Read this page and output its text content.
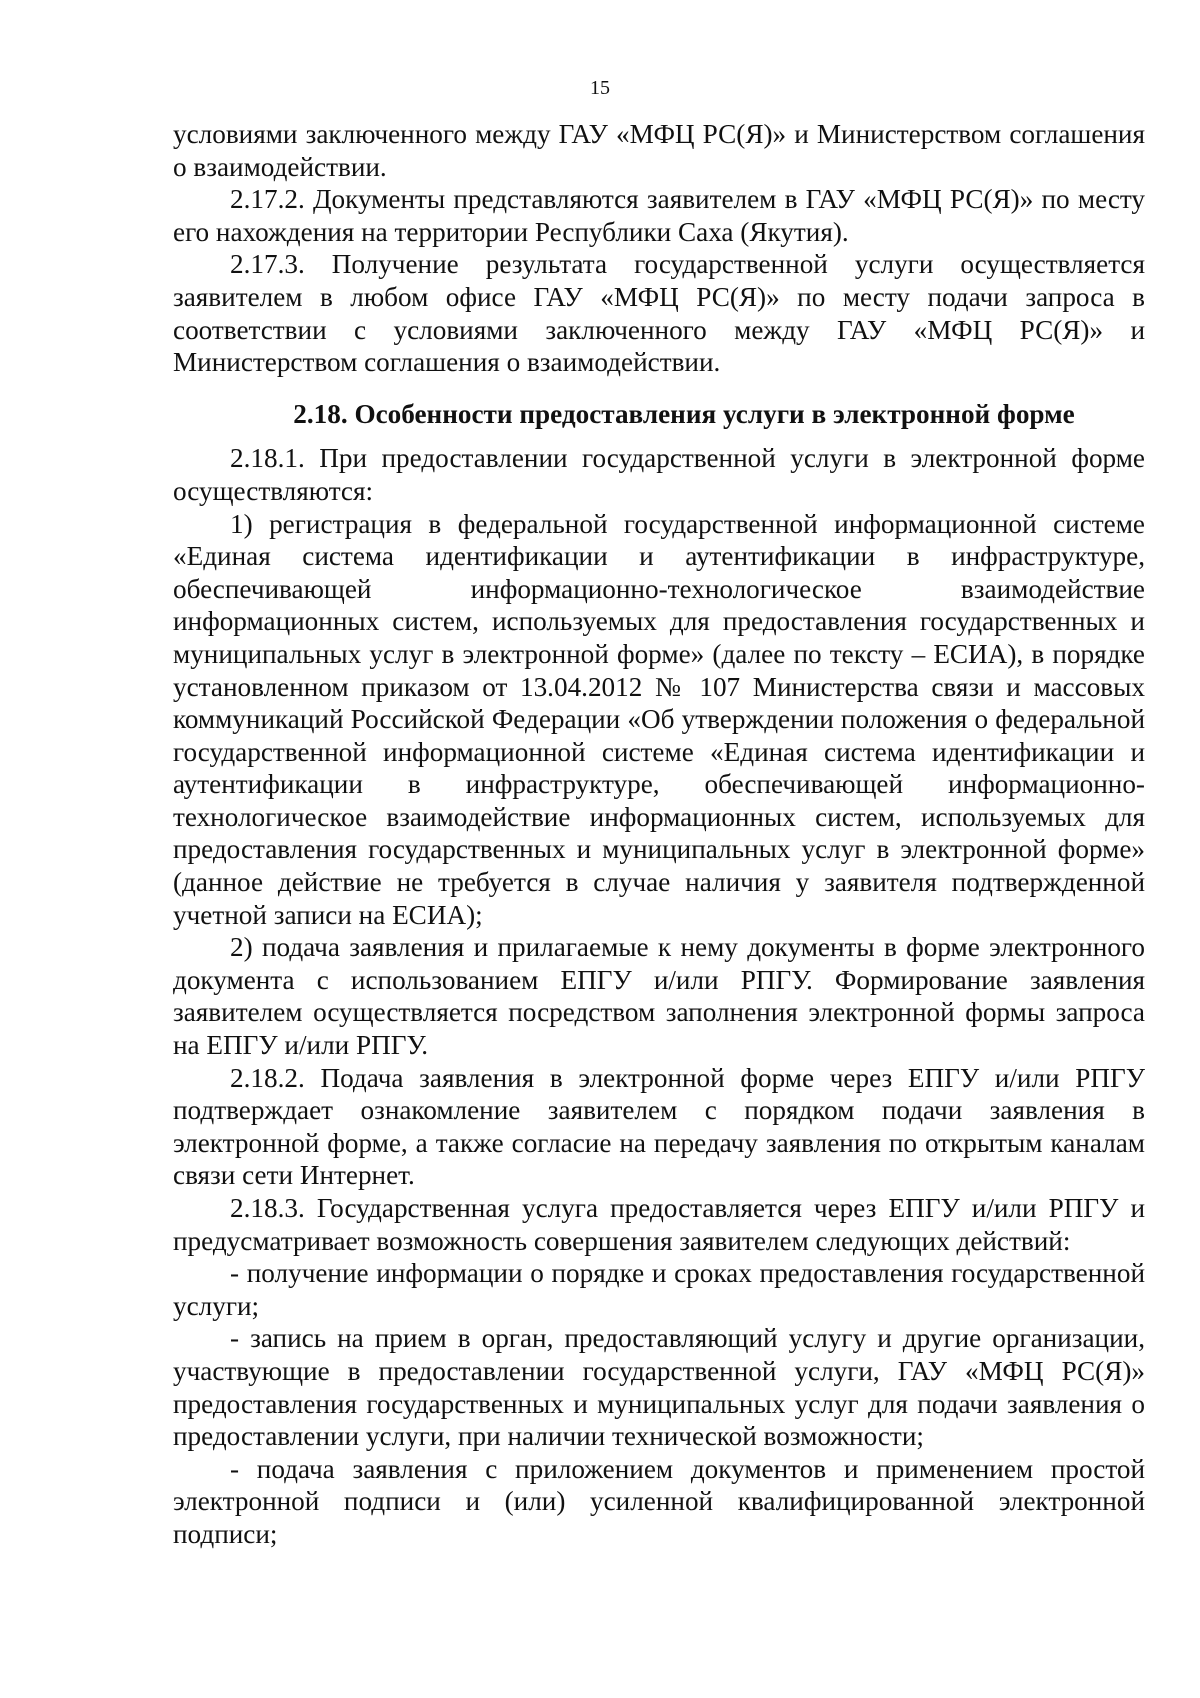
15

условиями заключенного между ГАУ «МФЦ РС(Я)» и Министерством соглашения о взаимодействии.

2.17.2. Документы представляются заявителем в ГАУ «МФЦ РС(Я)» по месту его нахождения на территории Республики Саха (Якутия).

2.17.3. Получение результата государственной услуги осуществляется заявителем в любом офисе ГАУ «МФЦ РС(Я)» по месту подачи запроса в соответствии с условиями заключенного между ГАУ «МФЦ РС(Я)» и Министерством соглашения о взаимодействии.

2.18. Особенности предоставления услуги в электронной форме

2.18.1. При предоставлении государственной услуги в электронной форме осуществляются:

1) регистрация в федеральной государственной информационной системе «Единая система идентификации и аутентификации в инфраструктуре, обеспечивающей информационно-технологическое взаимодействие информационных систем, используемых для предоставления государственных и муниципальных услуг в электронной форме» (далее по тексту – ЕСИА), в порядке установленном приказом от 13.04.2012 № 107 Министерства связи и массовых коммуникаций Российской Федерации «Об утверждении положения о федеральной государственной информационной системе «Единая система идентификации и аутентификации в инфраструктуре, обеспечивающей информационно-технологическое взаимодействие информационных систем, используемых для предоставления государственных и муниципальных услуг в электронной форме» (данное действие не требуется в случае наличия у заявителя подтвержденной учетной записи на ЕСИА);

2) подача заявления и прилагаемые к нему документы в форме электронного документа с использованием ЕПГУ и/или РПГУ. Формирование заявления заявителем осуществляется посредством заполнения электронной формы запроса на ЕПГУ и/или РПГУ.

2.18.2. Подача заявления в электронной форме через ЕПГУ и/или РПГУ подтверждает ознакомление заявителем с порядком подачи заявления в электронной форме, а также согласие на передачу заявления по открытым каналам связи сети Интернет.

2.18.3. Государственная услуга предоставляется через ЕПГУ и/или РПГУ и предусматривает возможность совершения заявителем следующих действий:

- получение информации о порядке и сроках предоставления государственной услуги;

- запись на прием в орган, предоставляющий услугу и другие организации, участвующие в предоставлении государственной услуги, ГАУ «МФЦ РС(Я)» предоставления государственных и муниципальных услуг для подачи заявления о предоставлении услуги, при наличии технической возможности;

- подача заявления с приложением документов и применением простой электронной подписи и (или) усиленной квалифицированной электронной подписи;
